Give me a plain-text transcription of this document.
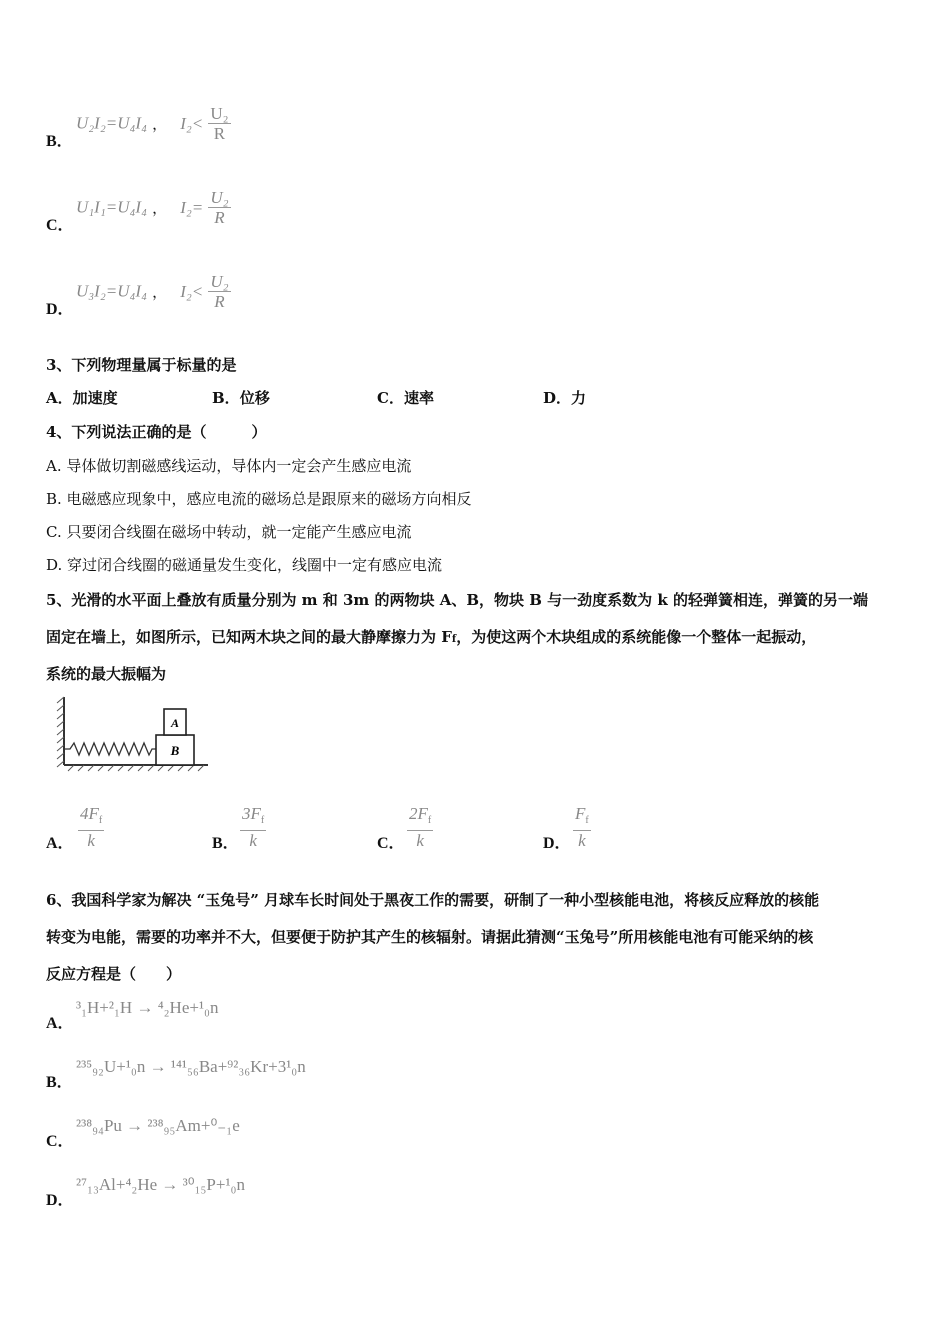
B．
U₂I₂=U₄I₄ ， $I_2< \frac{\text{U₂}}{R}$
C．
U₁I₁=U₄I₄ ， $I_2= \frac{\text{U₂}}{R}$
D．
U₃I₂=U₄I₄ ， $I_2< \frac{\text{U₂}}{R}$
3、下列物理量属于标量的是
A．加速度	B．位移	C．速率	D．力
4、下列说法正确的是（　　　）
A. 导体做切割磁感线运动，导体内一定会产生感应电流
B. 电磁感应现象中，感应电流的磁场总是跟原来的磁场方向相反
C. 只要闭合线圈在磁场中转动，就一定能产生感应电流
D. 穿过闭合线圈的磁通量发生变化，线圈中一定有感应电流
5、光滑的水平面上叠放有质量分别为 m 和 3m 的两物块 A、B，物块 B 与一劲度系数为 k 的轻弹簧相连，弹簧的另一端
固定在墙上，如图所示，已知两木块之间的最大静摩擦力为 Ff，为使这两个木块组成的系统能像一个整体一起振动，
系统的最大振幅为
B
A
A． $\frac{4F_f}{k}$	B． $\frac{3F_f}{k}$	C． $\frac{2F_f}{k}$	D． $\frac{F_f}{k}$
6、我国科学家为解决 “玉兔号” 月球车长时间处于黑夜工作的需要，研制了一种小型核能电池，将核反应释放的核能
转变为电能，需要的功率并不大，但要便于防护其产生的核辐射。请据此猜测“玉兔号”所用核能电池有可能采纳的核
反应方程是（　　）
A．
³₁H+²₁H → ⁴₂He+¹₀n
B．
²³⁵₉₂U+¹₀n → ¹⁴¹₅₆Ba+⁹²₃₆Kr+3¹₀n
C．
²³⁸₉₄Pu → ²³⁸₉₅Am+⁰₋₁e
D．
²⁷₁₃Al+⁴₂He → ³⁰₁₅P+¹₀n
